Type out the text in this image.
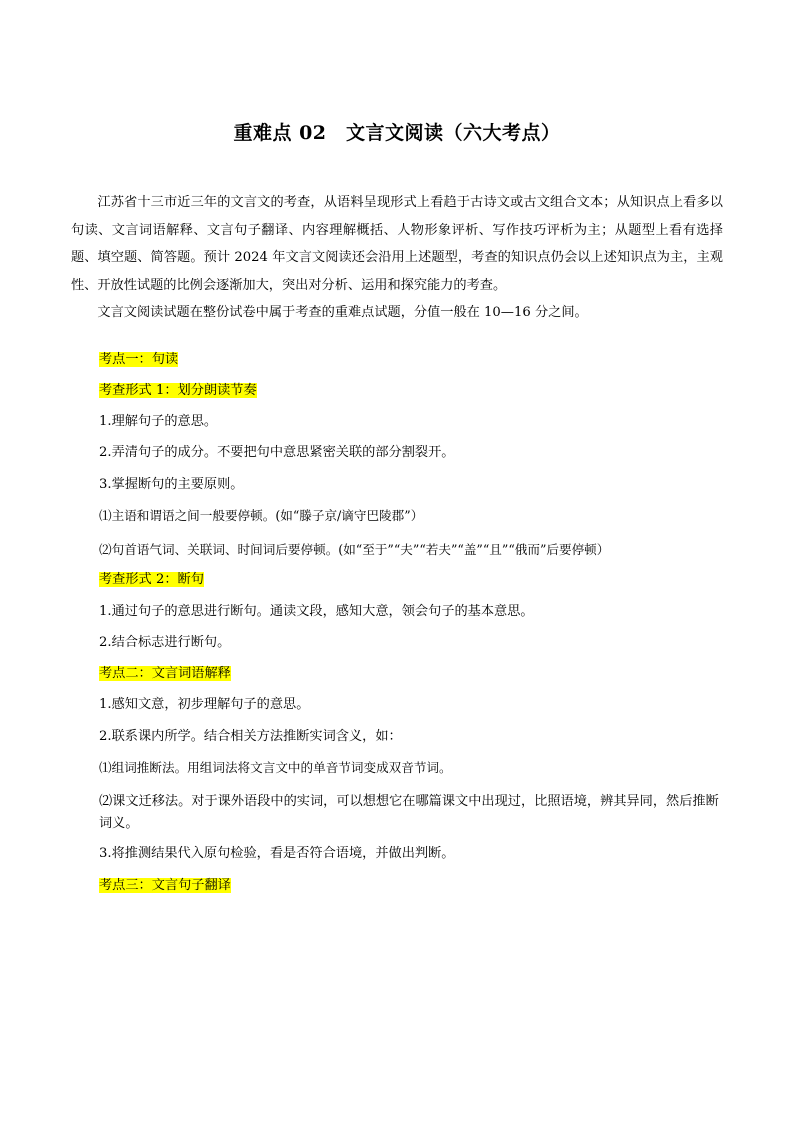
重难点 02　文言文阅读（六大考点）

江苏省十三市近三年的文言文的考查，从语料呈现形式上看趋于古诗文或古文组合文本；从知识点上看多以句读、文言词语解释、文言句子翻译、内容理解概括、人物形象评析、写作技巧评析为主；从题型上看有选择题、填空题、简答题。预计 2024 年文言文阅读还会沿用上述题型，考查的知识点仍会以上述知识点为主，主观性、开放性试题的比例会逐渐加大，突出对分析、运用和探究能力的考查。

文言文阅读试题在整份试卷中属于考查的重难点试题，分值一般在 10—16 分之间。

考点一：句读
考查形式 1：划分朗读节奏
1.理解句子的意思。
2.弄清句子的成分。不要把句中意思紧密关联的部分割裂开。
3.掌握断句的主要原则。
⑴主语和谓语之间一般要停顿。(如“滕子京/谪守巴陵郡”）
⑵句首语气词、关联词、时间词后要停顿。(如“至于”“夫”“若夫”“盖”“且”“俄而”后要停顿）
考查形式 2：断句
1.通过句子的意思进行断句。通读文段，感知大意，领会句子的基本意思。
2.结合标志进行断句。
考点二：文言词语解释
1.感知文意，初步理解句子的意思。
2.联系课内所学。结合相关方法推断实词含义，如：
⑴组词推断法。用组词法将文言文中的单音节词变成双音节词。
⑵课文迁移法。对于课外语段中的实词，可以想想它在哪篇课文中出现过，比照语境，辨其异同，然后推断词义。
3.将推测结果代入原句检验，看是否符合语境，并做出判断。
考点三：文言句子翻译
